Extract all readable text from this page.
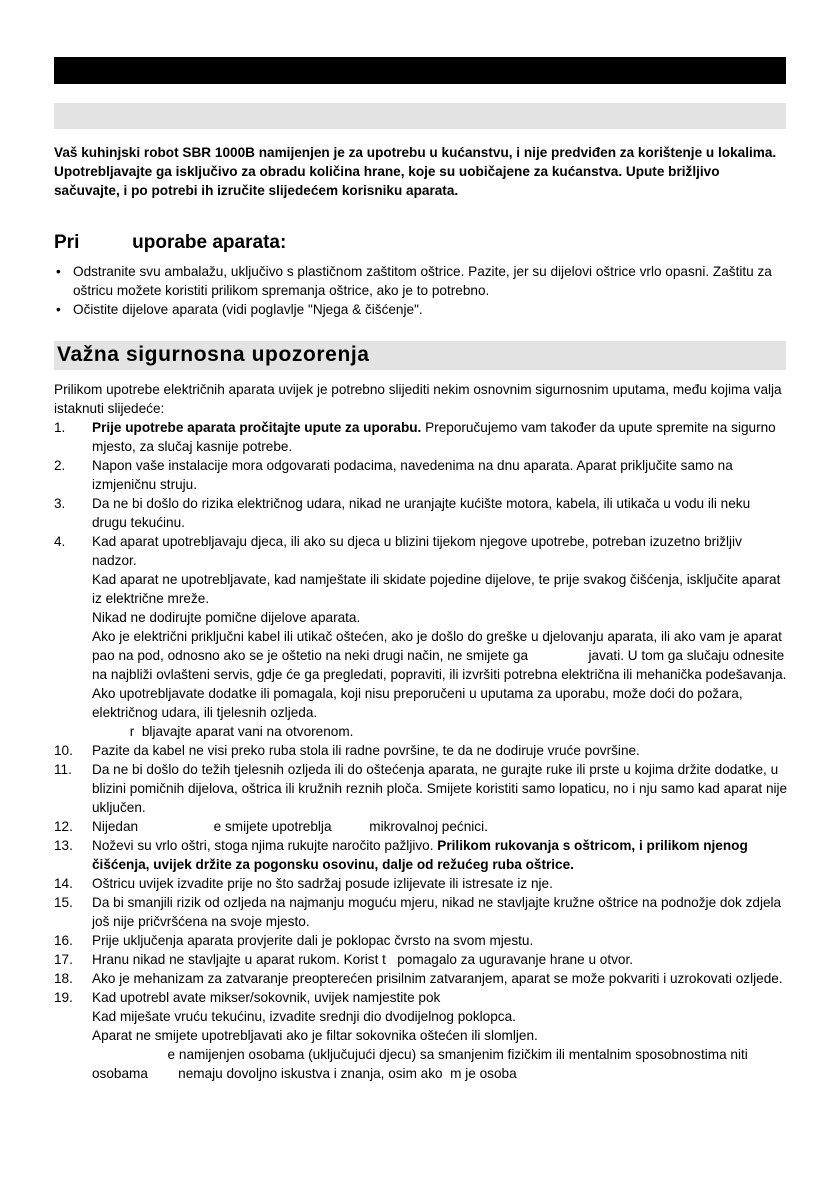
Vaš kuhinjski robot SBR 1000B namijenjen je za upotrebu u kućanstvu, i nije predviđen za korištenje u lokalima. Upotrebljavajte ga isključivo za obradu količina hrane, koje su uobičajene za kućanstva. Upute brižljivo sačuvajte, i po potrebi ih izručite slijedećem korisniku aparata.
Pri          uporabe aparata:
• Odstranite svu ambalažu, uključivo s plastičnom zaštitom oštrice. Pazite, jer su dijelovi oštrice vrlo opasni. Zaštitu za oštricu možete koristiti prilikom spremanja oštrice, ako je to potrebno.
• Očistite dijelove aparata (vidi poglavlje "Njega & čišćenje".
Važna sigurnosna upozorenja
Prilikom upotrebe električnih aparata uvijek je potrebno slijediti nekim osnovnim sigurnosnim uputama, među kojima valja istaknuti slijedeće:
1. Prije upotrebe aparata pročitajte upute za uporabu. Preporučujemo vam također da upute spremite na sigurno mjesto, za slučaj kasnije potrebe.
2. Napon vaše instalacije mora odgovarati podacima, navedenima na dnu aparata. Aparat priključite samo na izmjeničnu struju.
3. Da ne bi došlo do rizika električnog udara, nikad ne uranjajte kućište motora, kabela, ili utikača u vodu ili neku drugu tekućinu.
4. Kad aparat upotrebljavaju djeca, ili ako su djeca u blizini tijekom njegove upotrebe, potreban izuzetno brižljiv nadzor.
Kad aparat ne upotrebljavate, kad namještate ili skidate pojedine dijelove, te prije svakog čišćenja, isključite aparat iz električne mreže.
Nikad ne dodirujte pomične dijelove aparata.
Ako je električni priključni kabel ili utikač oštećen, ako je došlo do greške u djelovanju aparata, ili ako vam je aparat pao na pod, odnosno ako se je oštetio na neki drugi način, ne smijete ga                javati. U tom ga slučaju odnesite na najbliži ovlašteni servis, gdje će ga pregledati, popraviti, ili izvršiti potrebna električna ili mehanička podešavanja.
Ako upotrebljavate dodatke ili pomagala, koji nisu preporučeni u uputama za uporabu, može doći do požara, električnog udara, ili tjelesnih ozljeda.
r  bljavajte aparat vani na otvorenom.
10. Pazite da kabel ne visi preko ruba stola ili radne površine, te da ne dodiruje vruće površine.
11. Da ne bi došlo do težih tjelesnih ozljeda ili do oštećenja aparata, ne gurajte ruke ili prste u kojima držite dodatke, u blizini pomičnih dijelova, oštrica ili kružnih reznih ploča. Smijete koristiti samo lopaticu, no i nju samo kad aparat nije uključen.
12. Nijedan                    e smijete upotrebljа          mikrovalnoj pećnici.
13. Noževi su vrlo oštri, stoga njima rukujte naročito pažljivo. Prilikom rukovanja s oštricom, i prilikom njenog čišćenja, uvijek držite za pogonsku osovinu, dalje od režućeg ruba oštrice.
14. Oštricu uvijek izvadite prije no što sadržaj posude izlijevate ili istresate iz nje.
15. Da bi smanjili rizik od ozljeda na najmanju moguću mjeru, nikad ne stavljajte kružne oštrice na podnožje dok zdjela još nije pričvršćena na svoje mjesto.
16. Prije uključenja aparata provjerite dali je poklopac čvrsto na svom mjestu.
17. Hranu nikad ne stavljajte u aparat rukom. Korist t   pomagalo za uguravanje hrane u otvor.
18. Ako je mehanizam za zatvaranje preopterećen prisilnim zatvaranjem, aparat se može pokvariti i uzrokovati ozljede.
19. Kad upotrebl avate mikser/sokovnik, uvijek namjestite pok
Kad miješate vruću tekućinu, izvadite srednji dio dvodijelnog poklopca.
Aparat ne smijete upotrebljavati ako je filtar sokovnika oštećen ili slomljen.
e namijenjen osobama (uključujući djecu) sa smanjenim fizičkim ili mentalnim sposobnostima niti osobama        nemaju dovoljno iskustva i znanja, osim ako  m je osoba
